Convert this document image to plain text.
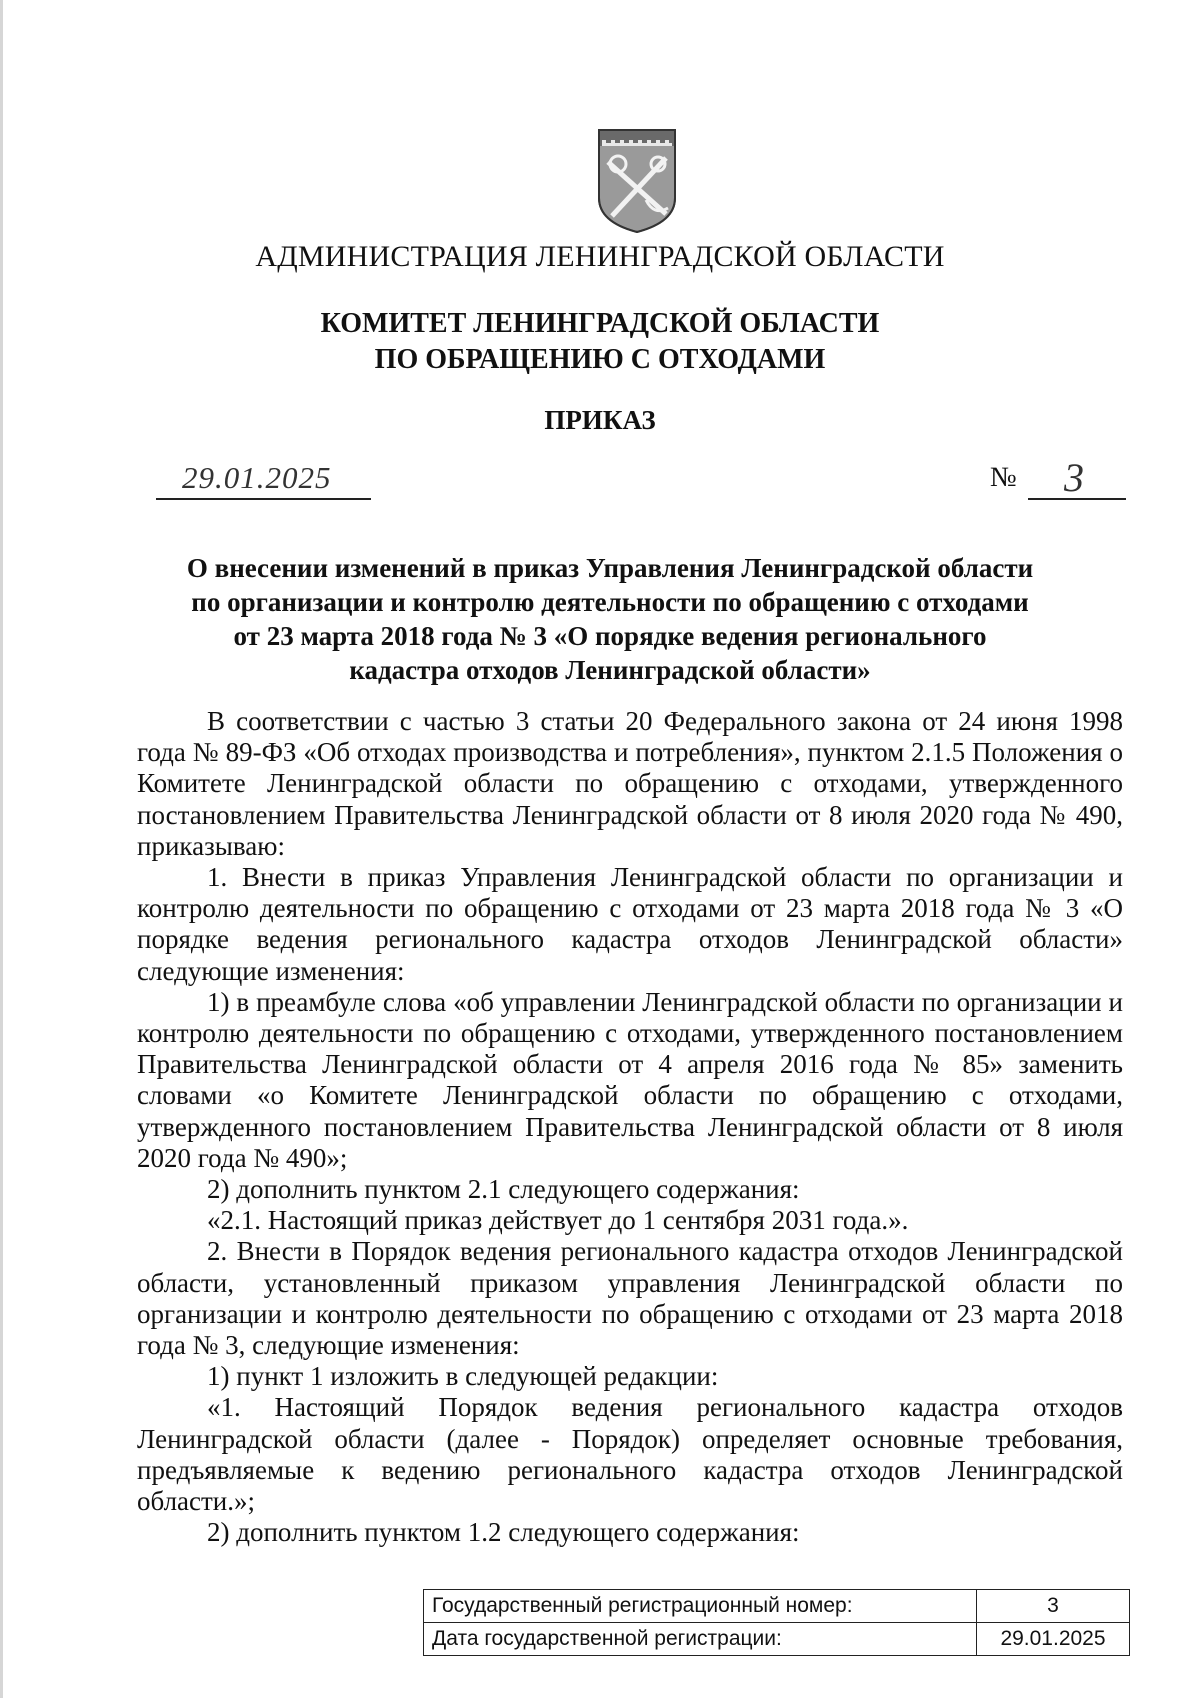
АДМИНИСТРАЦИЯ ЛЕНИНГРАДСКОЙ ОБЛАСТИ
КОМИТЕТ ЛЕНИНГРАДСКОЙ ОБЛАСТИ
ПО ОБРАЩЕНИЮ С ОТХОДАМИ
ПРИКАЗ
29.01.2025	№ 3
О внесении изменений в приказ Управления Ленинградской области
по организации и контролю деятельности по обращению с отходами
от 23 марта 2018 года № 3 «О порядке ведения регионального
кадастра отходов Ленинградской области»

В соответствии с частью 3 статьи 20 Федерального закона от 24 июня 1998 года № 89-ФЗ «Об отходах производства и потребления», пунктом 2.1.5 Положения о Комитете Ленинградской области по обращению с отходами, утвержденного постановлением Правительства Ленинградской области от 8 июля 2020 года № 490, приказываю:

1. Внести в приказ Управления Ленинградской области по организации и контролю деятельности по обращению с отходами от 23 марта 2018 года № 3 «О порядке ведения регионального кадастра отходов Ленинградской области» следующие изменения:

1) в преамбуле слова «об управлении Ленинградской области по организации и контролю деятельности по обращению с отходами, утвержденного постановлением Правительства Ленинградской области от 4 апреля 2016 года № 85» заменить словами «о Комитете Ленинградской области по обращению с отходами, утвержденного постановлением Правительства Ленинградской области от 8 июля 2020 года № 490»;

2) дополнить пунктом 2.1 следующего содержания:

«2.1. Настоящий приказ действует до 1 сентября 2031 года.».

2. Внести в Порядок ведения регионального кадастра отходов Ленинградской области, установленный приказом управления Ленинградской области по организации и контролю деятельности по обращению с отходами от 23 марта 2018 года № 3, следующие изменения:

1) пункт 1 изложить в следующей редакции:

«1. Настоящий Порядок ведения регионального кадастра отходов Ленинградской области (далее - Порядок) определяет основные требования, предъявляемые к ведению регионального кадастра отходов Ленинградской области.»;

2) дополнить пунктом 1.2 следующего содержания:

Государственный регистрационный номер:	3
Дата государственной регистрации:	29.01.2025
